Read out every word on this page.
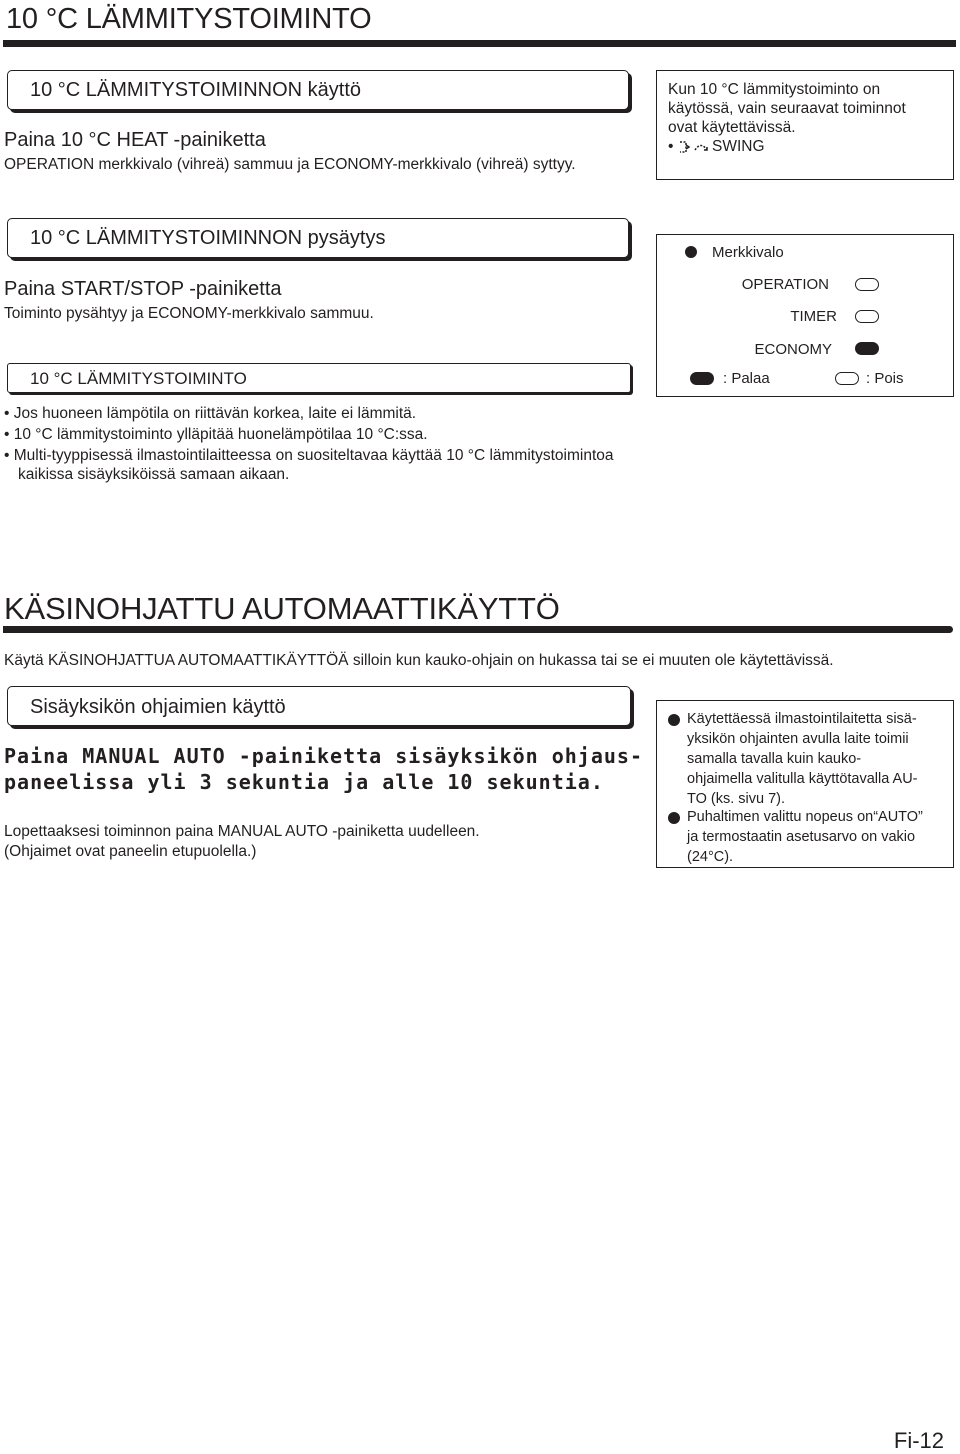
10 °C LÄMMITYSTOIMINTO
10 °C LÄMMITYSTOIMINNON käyttö
Paina 10 °C HEAT -painiketta
OPERATION merkkivalo (vihreä) sammuu ja ECONOMY-merkkivalo (vihreä) syttyy.
Kun 10 °C lämmitystoiminto on
käytössä, vain seuraavat toiminnot
ovat käytettävissä.
• SWING
10 °C LÄMMITYSTOIMINNON pysäytys
Paina START/STOP -painiketta
Toiminto pysähtyy ja ECONOMY-merkkivalo sammuu.
Merkkivalo
OPERATION
TIMER
ECONOMY
: Palaa	: Pois
10 °C LÄMMITYSTOIMINTO
• Jos huoneen lämpötila on riittävän korkea, laite ei lämmitä.
• 10 °C lämmitystoiminto ylläpitää huonelämpötilaa 10 °C:ssa.
• Multi-tyyppisessä ilmastointilaitteessa on suositeltavaa käyttää 10 °C lämmitystoimintoa
kaikissa sisäyksiköissä samaan aikaan.
KÄSINOHJATTU AUTOMAATTIKÄYTTÖ
Käytä KÄSINOHJATTUA AUTOMAATTIKÄYTTÖÄ silloin kun kauko-ohjain on hukassa tai se ei muuten ole käytettävissä.
Sisäyksikön ohjaimien käyttö
Paina MANUAL AUTO -painiketta sisäyksikön ohjaus-
paneelissa yli 3 sekuntia ja alle 10 sekuntia.
Lopettaaksesi toiminnon paina MANUAL AUTO -painiketta uudelleen.
(Ohjaimet ovat paneelin etupuolella.)
Käytettäessä ilmastointilaitetta sisä-
yksikön ohjainten avulla laite toimii
samalla tavalla kuin kauko-
ohjaimella valitulla käyttötavalla AU-
TO (ks. sivu 7).
Puhaltimen valittu nopeus on“AUTO”
ja termostaatin asetusarvo on vakio
(24°C).
Fi-12
